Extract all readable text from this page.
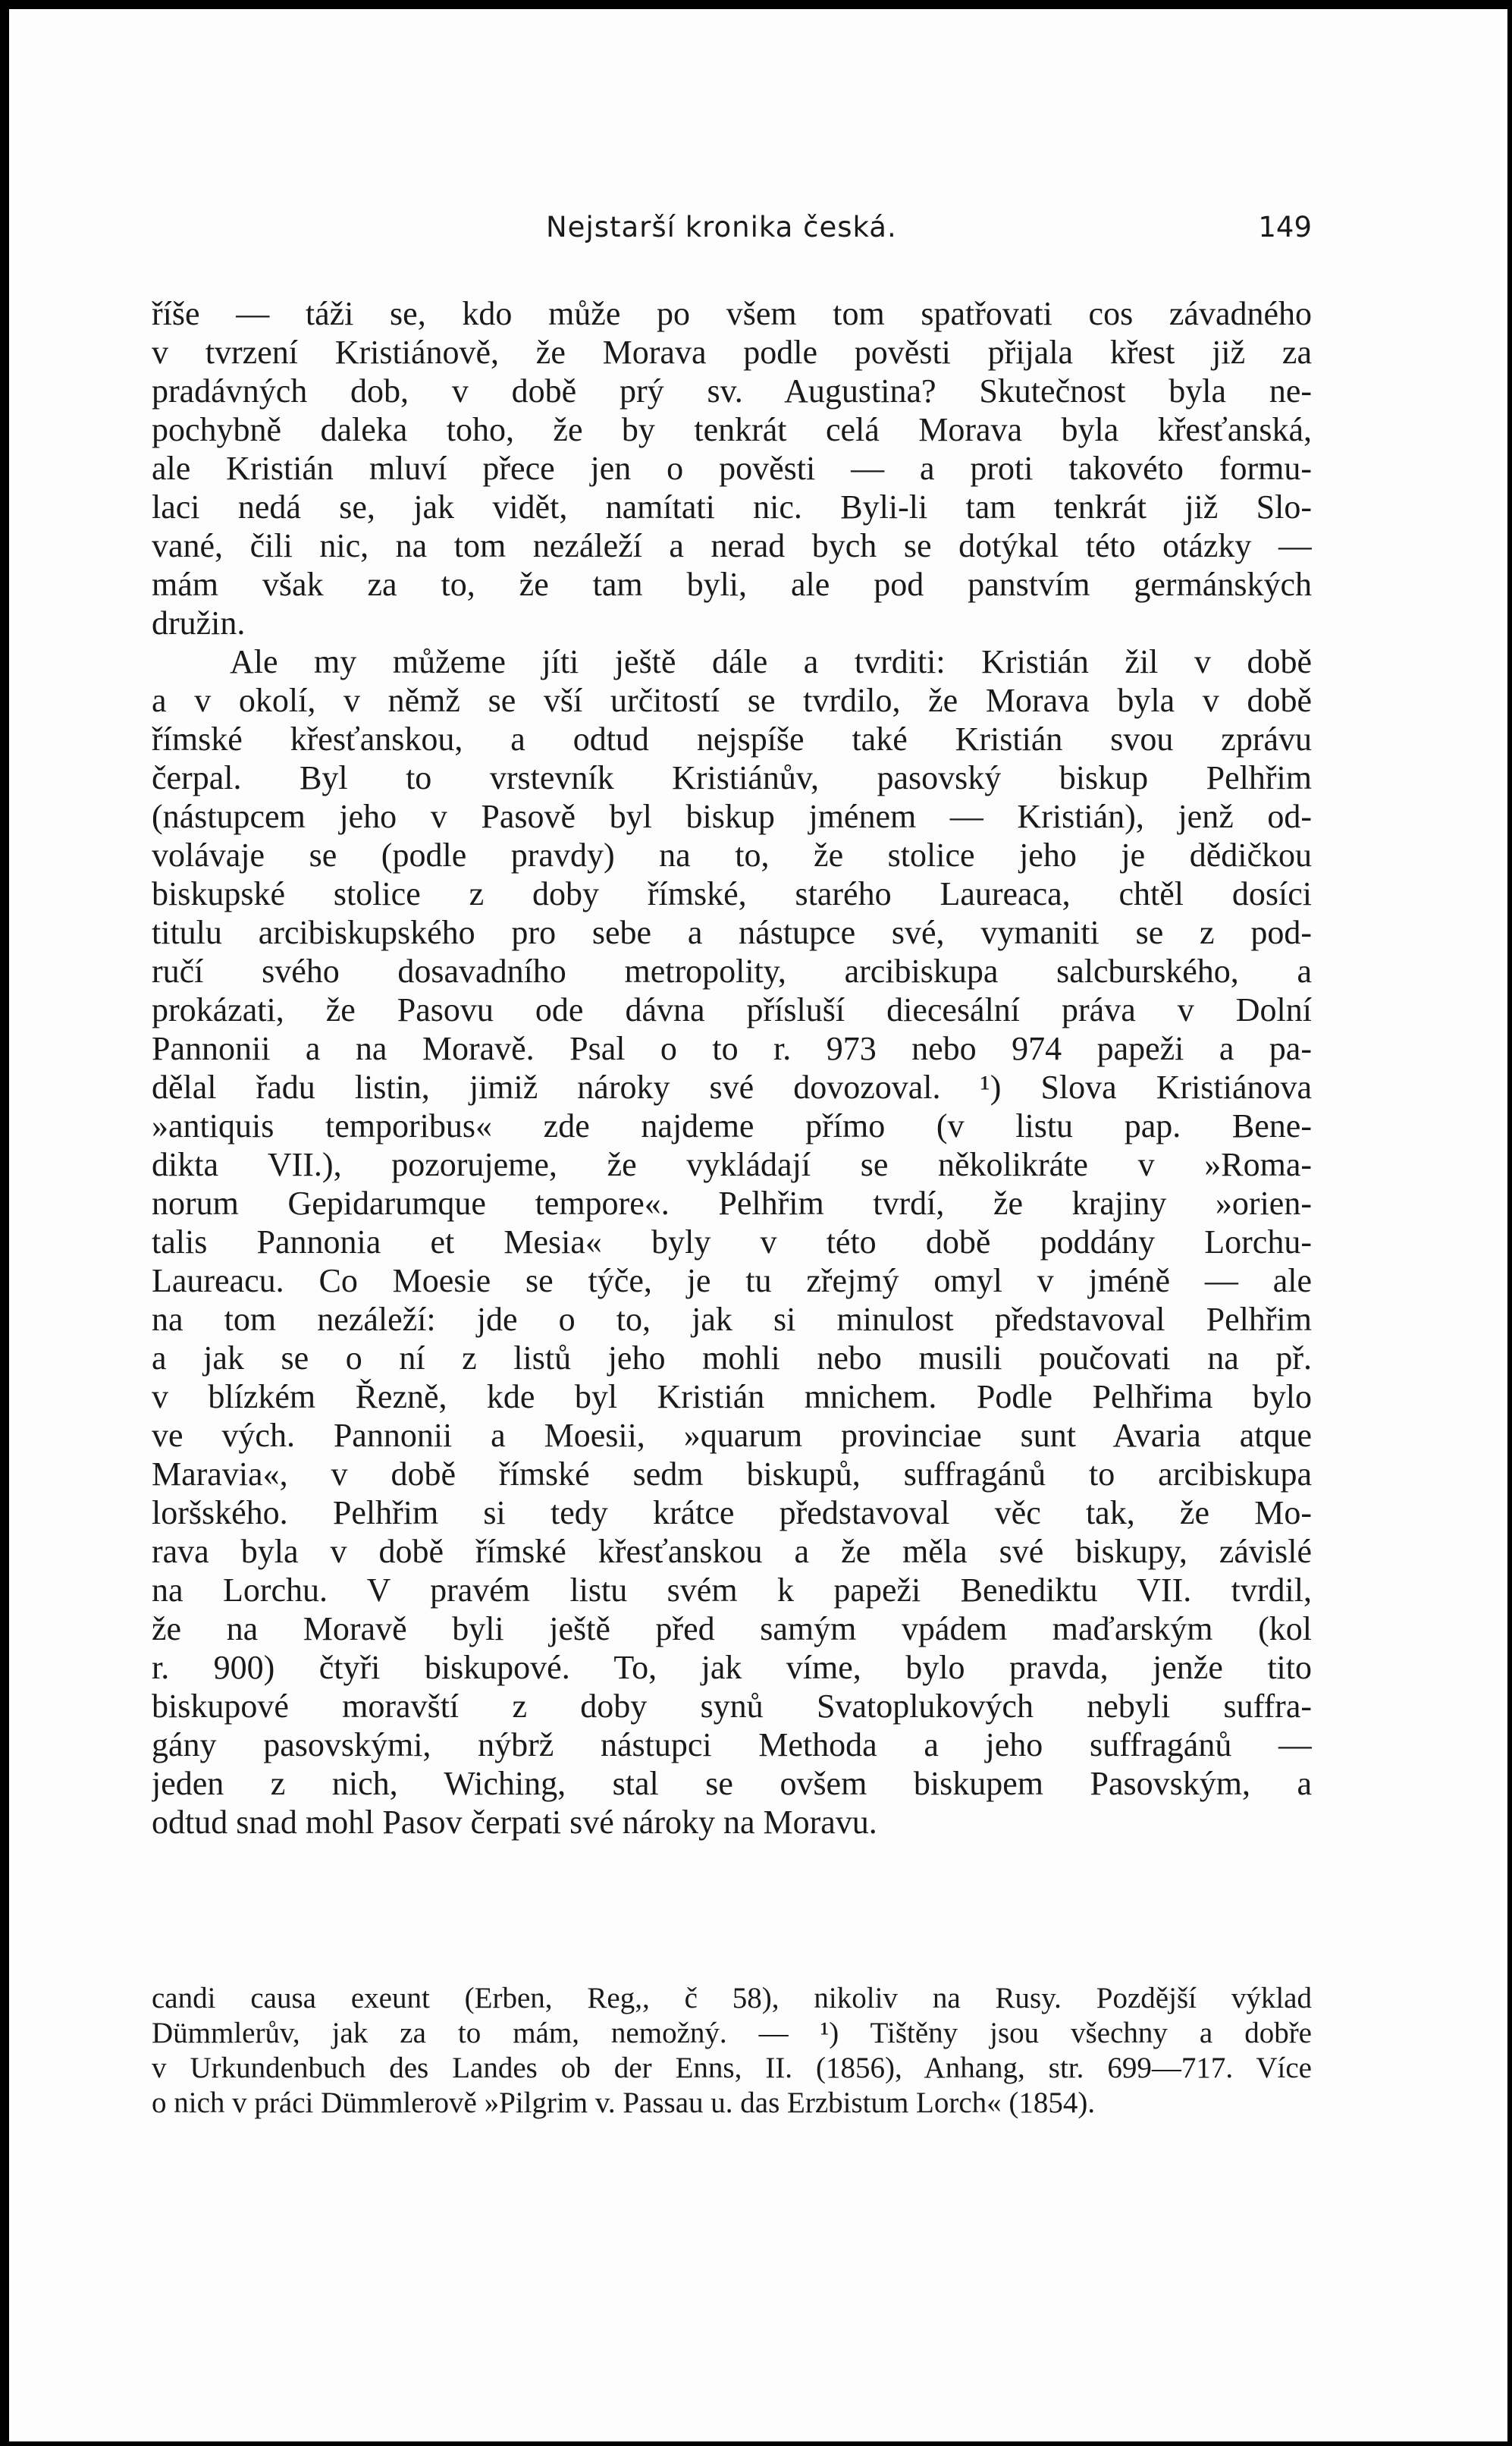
Nejstarší kronika česká.	149
říše — táži se, kdo může po všem tom spatřovati cos závadného
v tvrzení Kristiánově, že Morava podle pověsti přijala křest již za
pradávných dob, v době prý sv. Augustina? Skutečnost byla ne-
pochybně daleka toho, že by tenkrát celá Morava byla křesťanská,
ale Kristián mluví přece jen o pověsti — a proti takovéto formu-
laci nedá se, jak vidět, namítati nic. Byli-li tam tenkrát již Slo-
vané, čili nic, na tom nezáleží a nerad bych se dotýkal této otázky —
mám však za to, že tam byli, ale pod panstvím germánských
družin.
Ale my můžeme jíti ještě dále a tvrditi: Kristián žil v době
a v okolí, v němž se vší určitostí se tvrdilo, že Morava byla v době
římské křesťanskou, a odtud nejspíše také Kristián svou zprávu
čerpal. Byl to vrstevník Kristiánův, pasovský biskup Pelhřim
(nástupcem jeho v Pasově byl biskup jménem — Kristián), jenž od-
volávaje se (podle pravdy) na to, že stolice jeho je dědičkou
biskupské stolice z doby římské, starého Laureaca, chtěl dosíci
titulu arcibiskupského pro sebe a nástupce své, vymaniti se z pod-
ručí svého dosavadního metropolity, arcibiskupa salcburského, a
prokázati, že Pasovu ode dávna přísluší diecesální práva v Dolní
Pannonii a na Moravě. Psal o to r. 973 nebo 974 papeži a pa-
dělal řadu listin, jimiž nároky své dovozoval. ¹) Slova Kristiánova
»antiquis temporibus« zde najdeme přímo (v listu pap. Bene-
dikta VII.), pozorujeme, že vykládají se několikráte v »Roma-
norum Gepidarumque tempore«. Pelhřim tvrdí, že krajiny »orien-
talis Pannonia et Mesia« byly v této době poddány Lorchu-
Laureacu. Co Moesie se týče, je tu zřejmý omyl v jméně — ale
na tom nezáleží: jde o to, jak si minulost představoval Pelhřim
a jak se o ní z listů jeho mohli nebo musili poučovati na př.
v blízkém Řezně, kde byl Kristián mnichem. Podle Pelhřima bylo
ve vých. Pannonii a Moesii, »quarum provinciae sunt Avaria atque
Maravia«, v době římské sedm biskupů, suffragánů to arcibiskupa
loršského. Pelhřim si tedy krátce představoval věc tak, že Mo-
rava byla v době římské křesťanskou a že měla své biskupy, závislé
na Lorchu. V pravém listu svém k papeži Benediktu VII. tvrdil,
že na Moravě byli ještě před samým vpádem maďarským (kol
r. 900) čtyři biskupové. To, jak víme, bylo pravda, jenže tito
biskupové moravští z doby synů Svatoplukových nebyli suffra-
gány pasovskými, nýbrž nástupci Methoda a jeho suffragánů —
jeden z nich, Wiching, stal se ovšem biskupem Pasovským, a
odtud snad mohl Pasov čerpati své nároky na Moravu.
candi causa exeunt (Erben, Reg,, č 58), nikoliv na Rusy. Pozdější výklad
Dümmlerův, jak za to mám, nemožný. — ¹) Tištěny jsou všechny a dobře
v Urkundenbuch des Landes ob der Enns, II. (1856), Anhang, str. 699—717. Více
o nich v práci Dümmlerově »Pilgrim v. Passau u. das Erzbistum Lorch« (1854).
